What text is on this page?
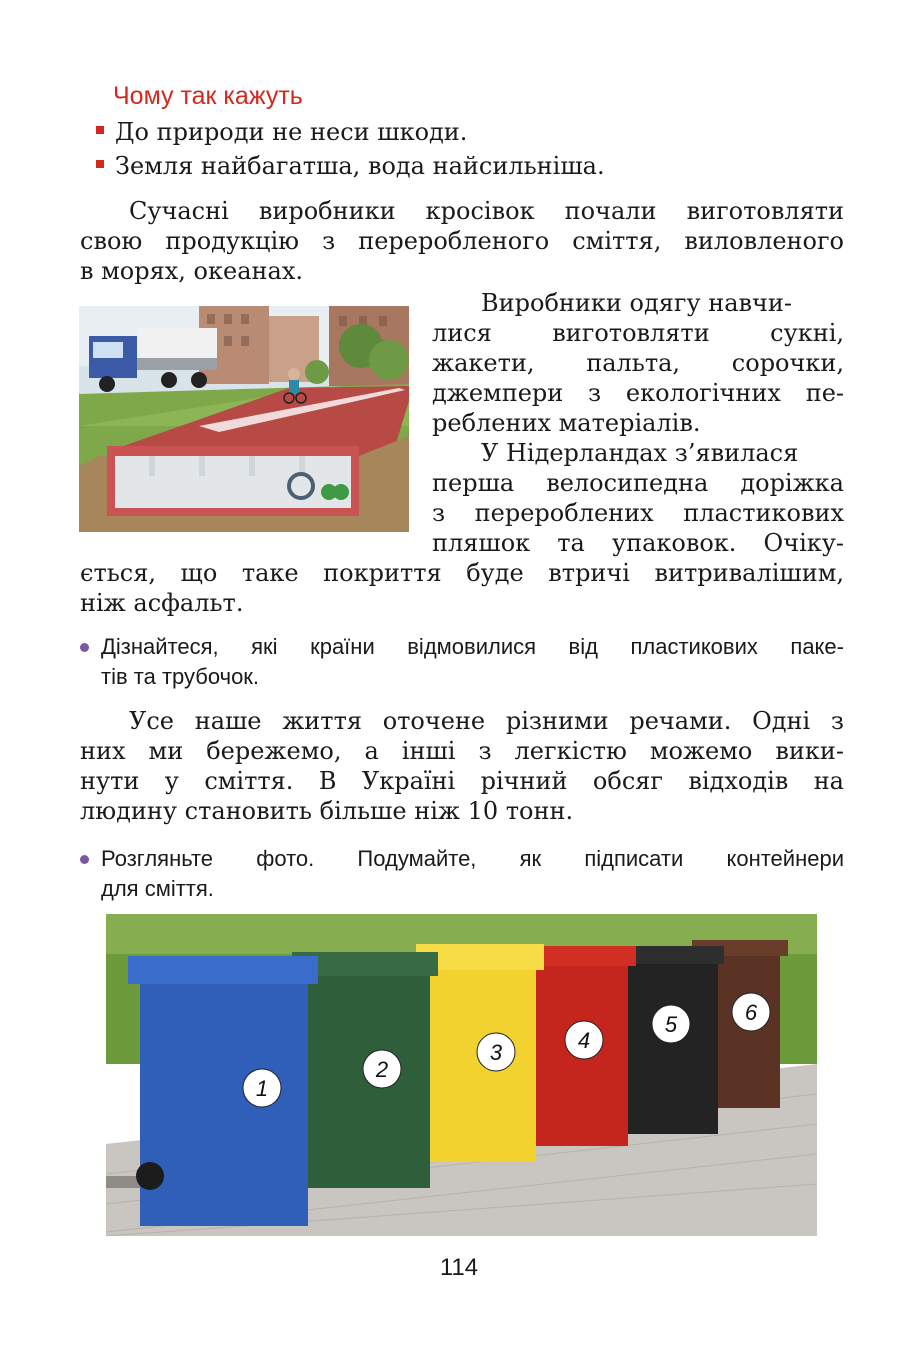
Чому так кажуть
До природи не неси шкоди.
Земля найбагатша, вода найсильніша.
Сучасні виробники кросівок почали виготовляти
свою продукцію з переробленого сміття, виловленого
в морях, океанах.
Виробники одягу навчи-
лися виготовляти сукні,
жакети, пальта, сорочки,
джемпери з екологічних пе-
реблених матеріалів.
У Нідерландах з’явилася
перша велосипедна доріжка
з перероблених пластикових
пляшок та упаковок. Очіку-
ється, що таке покриття буде втричі витривалішим,
ніж асфальт.
Дізнайтеся, які країни відмовилися від пластикових паке-
тів та трубочок.
Усе наше життя оточене різними речами. Одні з
них ми бережемо, а інші з легкістю можемо вики-
нути у сміття. В Україні річний обсяг відходів на
людину становить більше ніж 10 тонн.
Розгляньте фото. Подумайте, як підписати контейнери
для сміття.
1
2
3	4
5	6
114
